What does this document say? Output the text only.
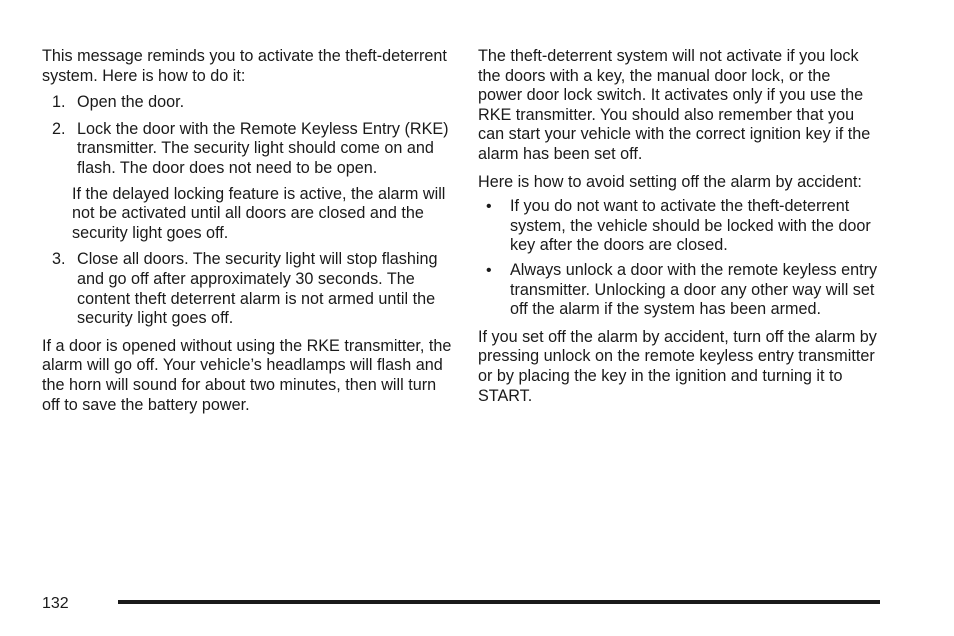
This message reminds you to activate the theft-deterrent system. Here is how to do it:

1. Open the door.
2. Lock the door with the Remote Keyless Entry (RKE) transmitter. The security light should come on and flash. The door does not need to be open.

If the delayed locking feature is active, the alarm will not be activated until all doors are closed and the security light goes off.

3. Close all doors. The security light will stop flashing and go off after approximately 30 seconds. The content theft deterrent alarm is not armed until the security light goes off.

If a door is opened without using the RKE transmitter, the alarm will go off. Your vehicle’s headlamps will flash and the horn will sound for about two minutes, then will turn off to save the battery power.

The theft-deterrent system will not activate if you lock the doors with a key, the manual door lock, or the power door lock switch. It activates only if you use the RKE transmitter. You should also remember that you can start your vehicle with the correct ignition key if the alarm has been set off.

Here is how to avoid setting off the alarm by accident:

• If you do not want to activate the theft-deterrent system, the vehicle should be locked with the door key after the doors are closed.
• Always unlock a door with the remote keyless entry transmitter. Unlocking a door any other way will set off the alarm if the system has been armed.

If you set off the alarm by accident, turn off the alarm by pressing unlock on the remote keyless entry transmitter or by placing the key in the ignition and turning it to START.

132
